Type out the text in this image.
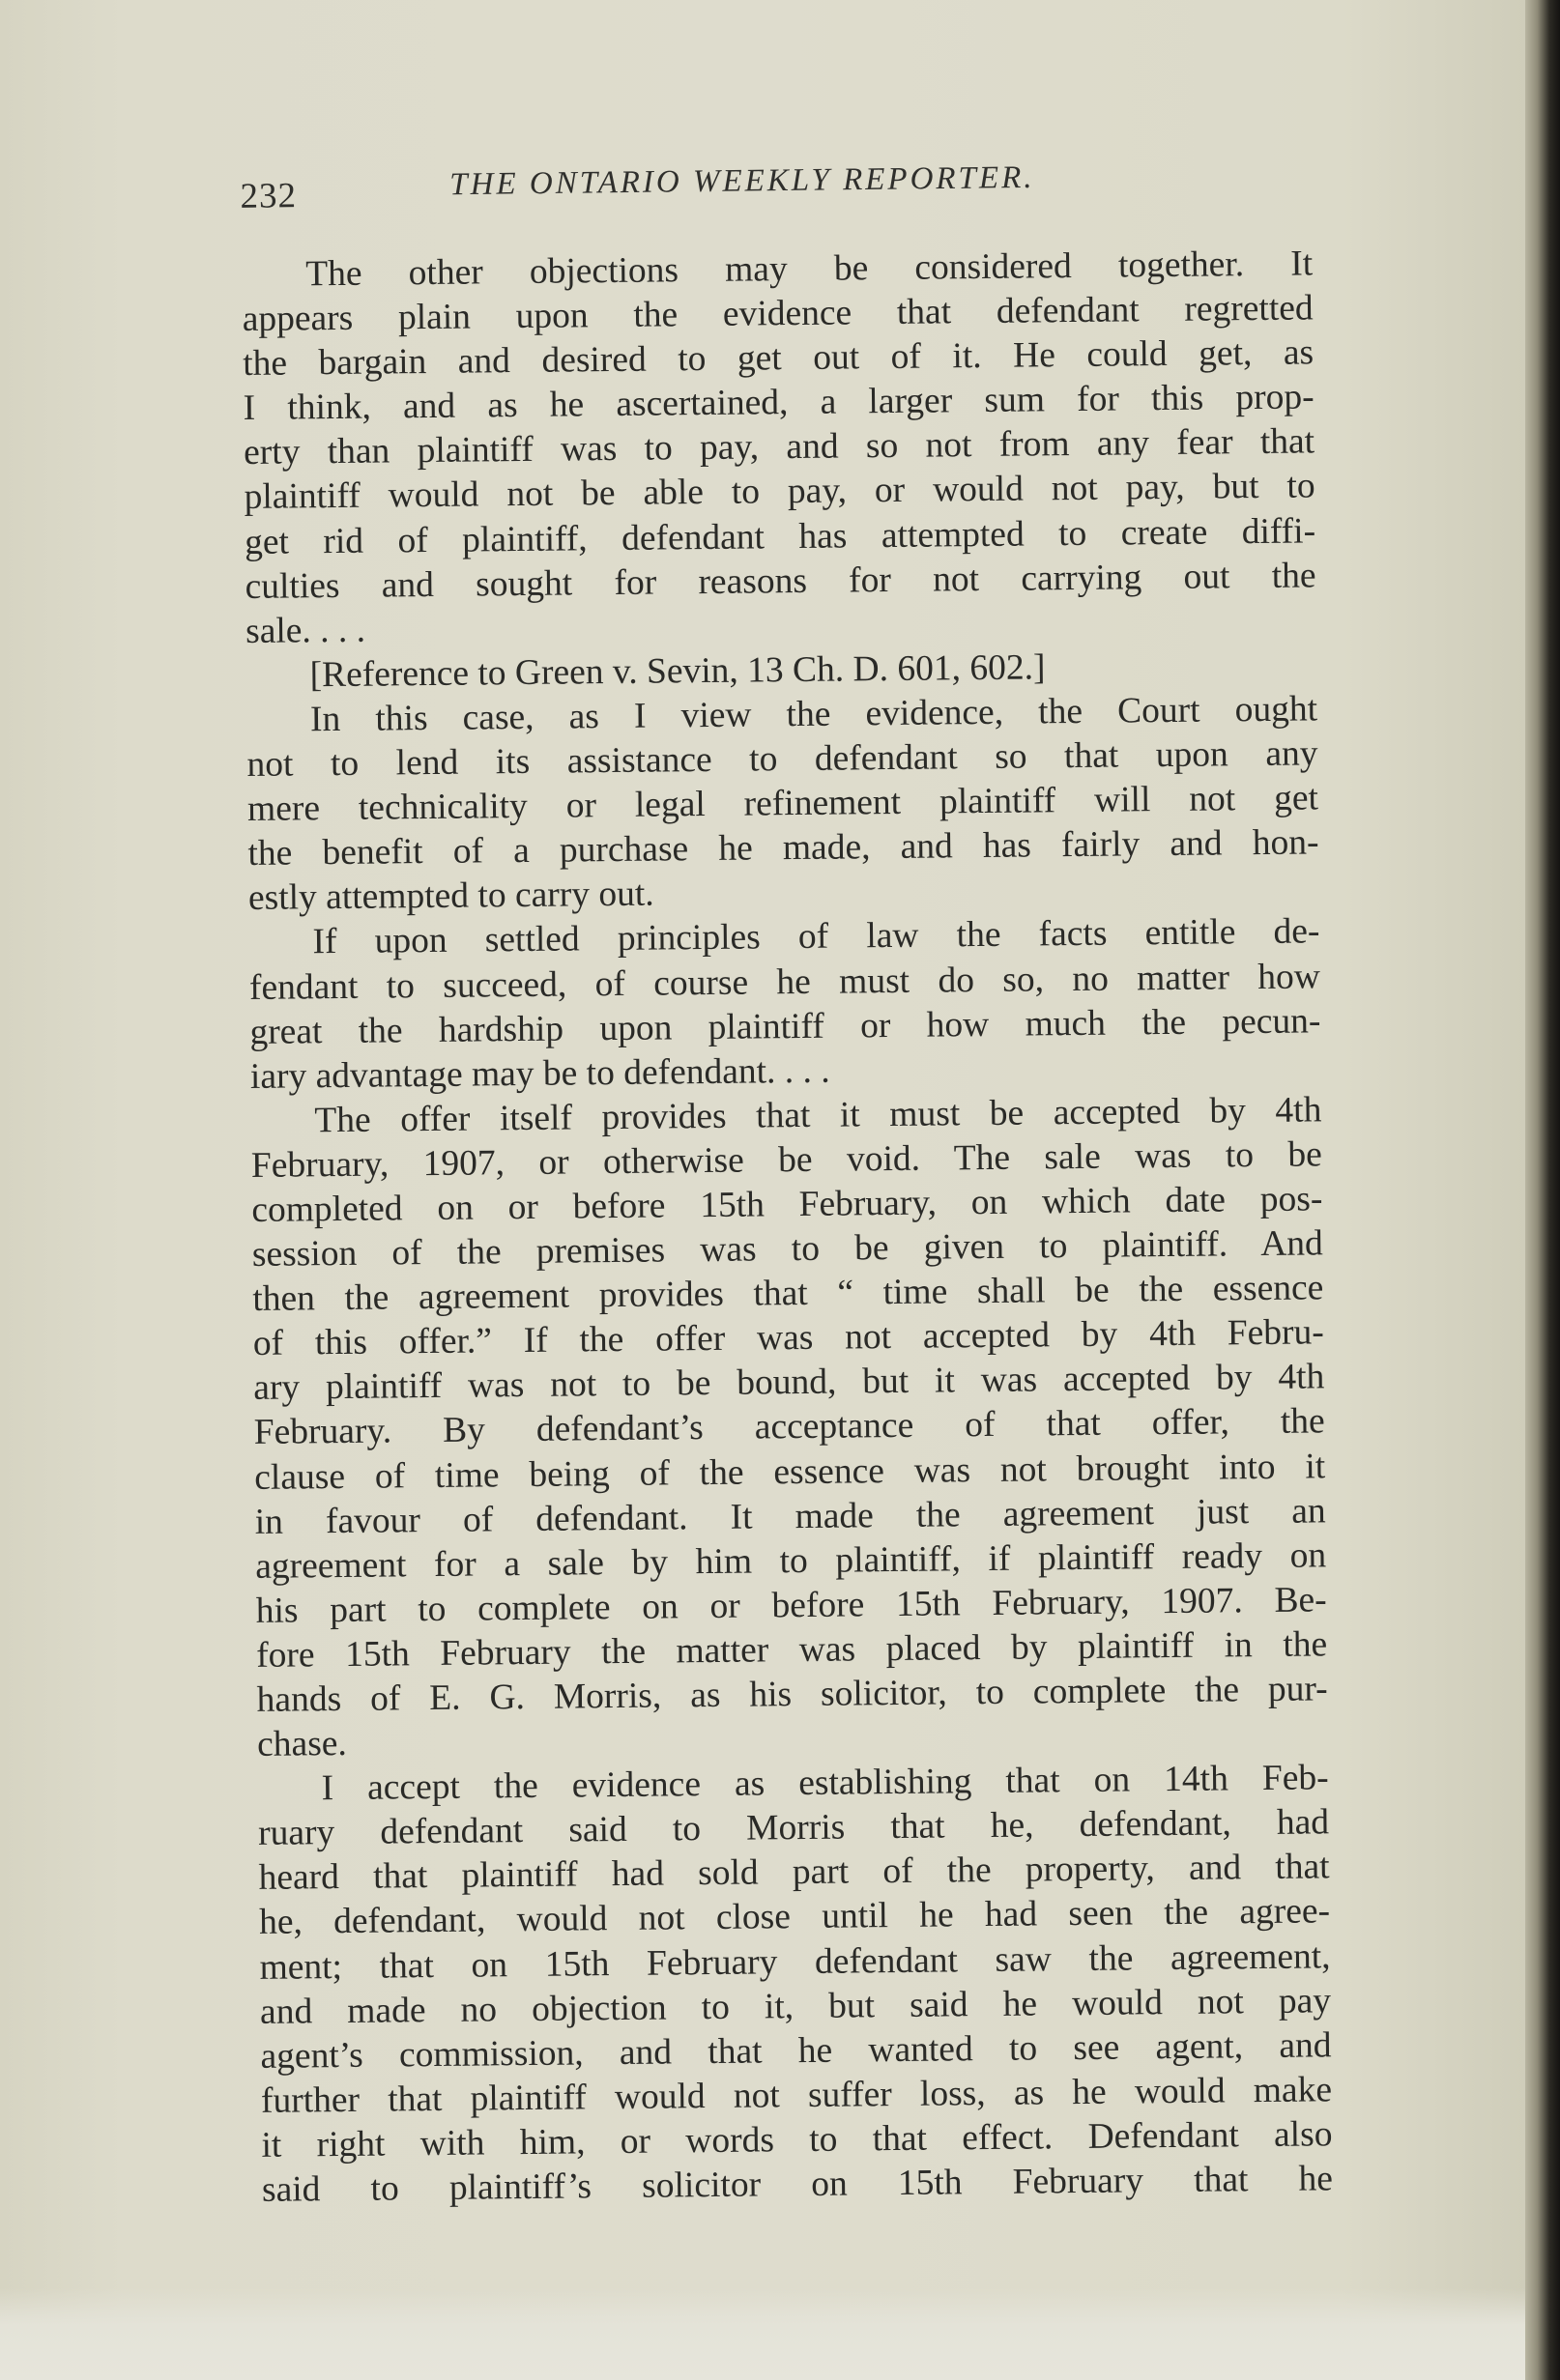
232	THE ONTARIO WEEKLY REPORTER.
The other objections may be considered together. It
appears plain upon the evidence that defendant regretted
the bargain and desired to get out of it. He could get, as
I think, and as he ascertained, a larger sum for this prop-
erty than plaintiff was to pay, and so not from any fear that
plaintiff would not be able to pay, or would not pay, but to
get rid of plaintiff, defendant has attempted to create diffi-
culties and sought for reasons for not carrying out the
sale. . . .
[Reference to Green v. Sevin, 13 Ch. D. 601, 602.]
In this case, as I view the evidence, the Court ought
not to lend its assistance to defendant so that upon any
mere technicality or legal refinement plaintiff will not get
the benefit of a purchase he made, and has fairly and hon-
estly attempted to carry out.
If upon settled principles of law the facts entitle de-
fendant to succeed, of course he must do so, no matter how
great the hardship upon plaintiff or how much the pecun-
iary advantage may be to defendant. . . .
The offer itself provides that it must be accepted by 4th
February, 1907, or otherwise be void. The sale was to be
completed on or before 15th February, on which date pos-
session of the premises was to be given to plaintiff. And
then the agreement provides that “ time shall be the essence
of this offer.” If the offer was not accepted by 4th Febru-
ary plaintiff was not to be bound, but it was accepted by 4th
February. By defendant’s acceptance of that offer, the
clause of time being of the essence was not brought into it
in favour of defendant. It made the agreement just an
agreement for a sale by him to plaintiff, if plaintiff ready on
his part to complete on or before 15th February, 1907. Be-
fore 15th February the matter was placed by plaintiff in the
hands of E. G. Morris, as his solicitor, to complete the pur-
chase.
I accept the evidence as establishing that on 14th Feb-
ruary defendant said to Morris that he, defendant, had
heard that plaintiff had sold part of the property, and that
he, defendant, would not close until he had seen the agree-
ment; that on 15th February defendant saw the agreement,
and made no objection to it, but said he would not pay
agent’s commission, and that he wanted to see agent, and
further that plaintiff would not suffer loss, as he would make
it right with him, or words to that effect. Defendant also
said to plaintiff’s solicitor on 15th February that he
